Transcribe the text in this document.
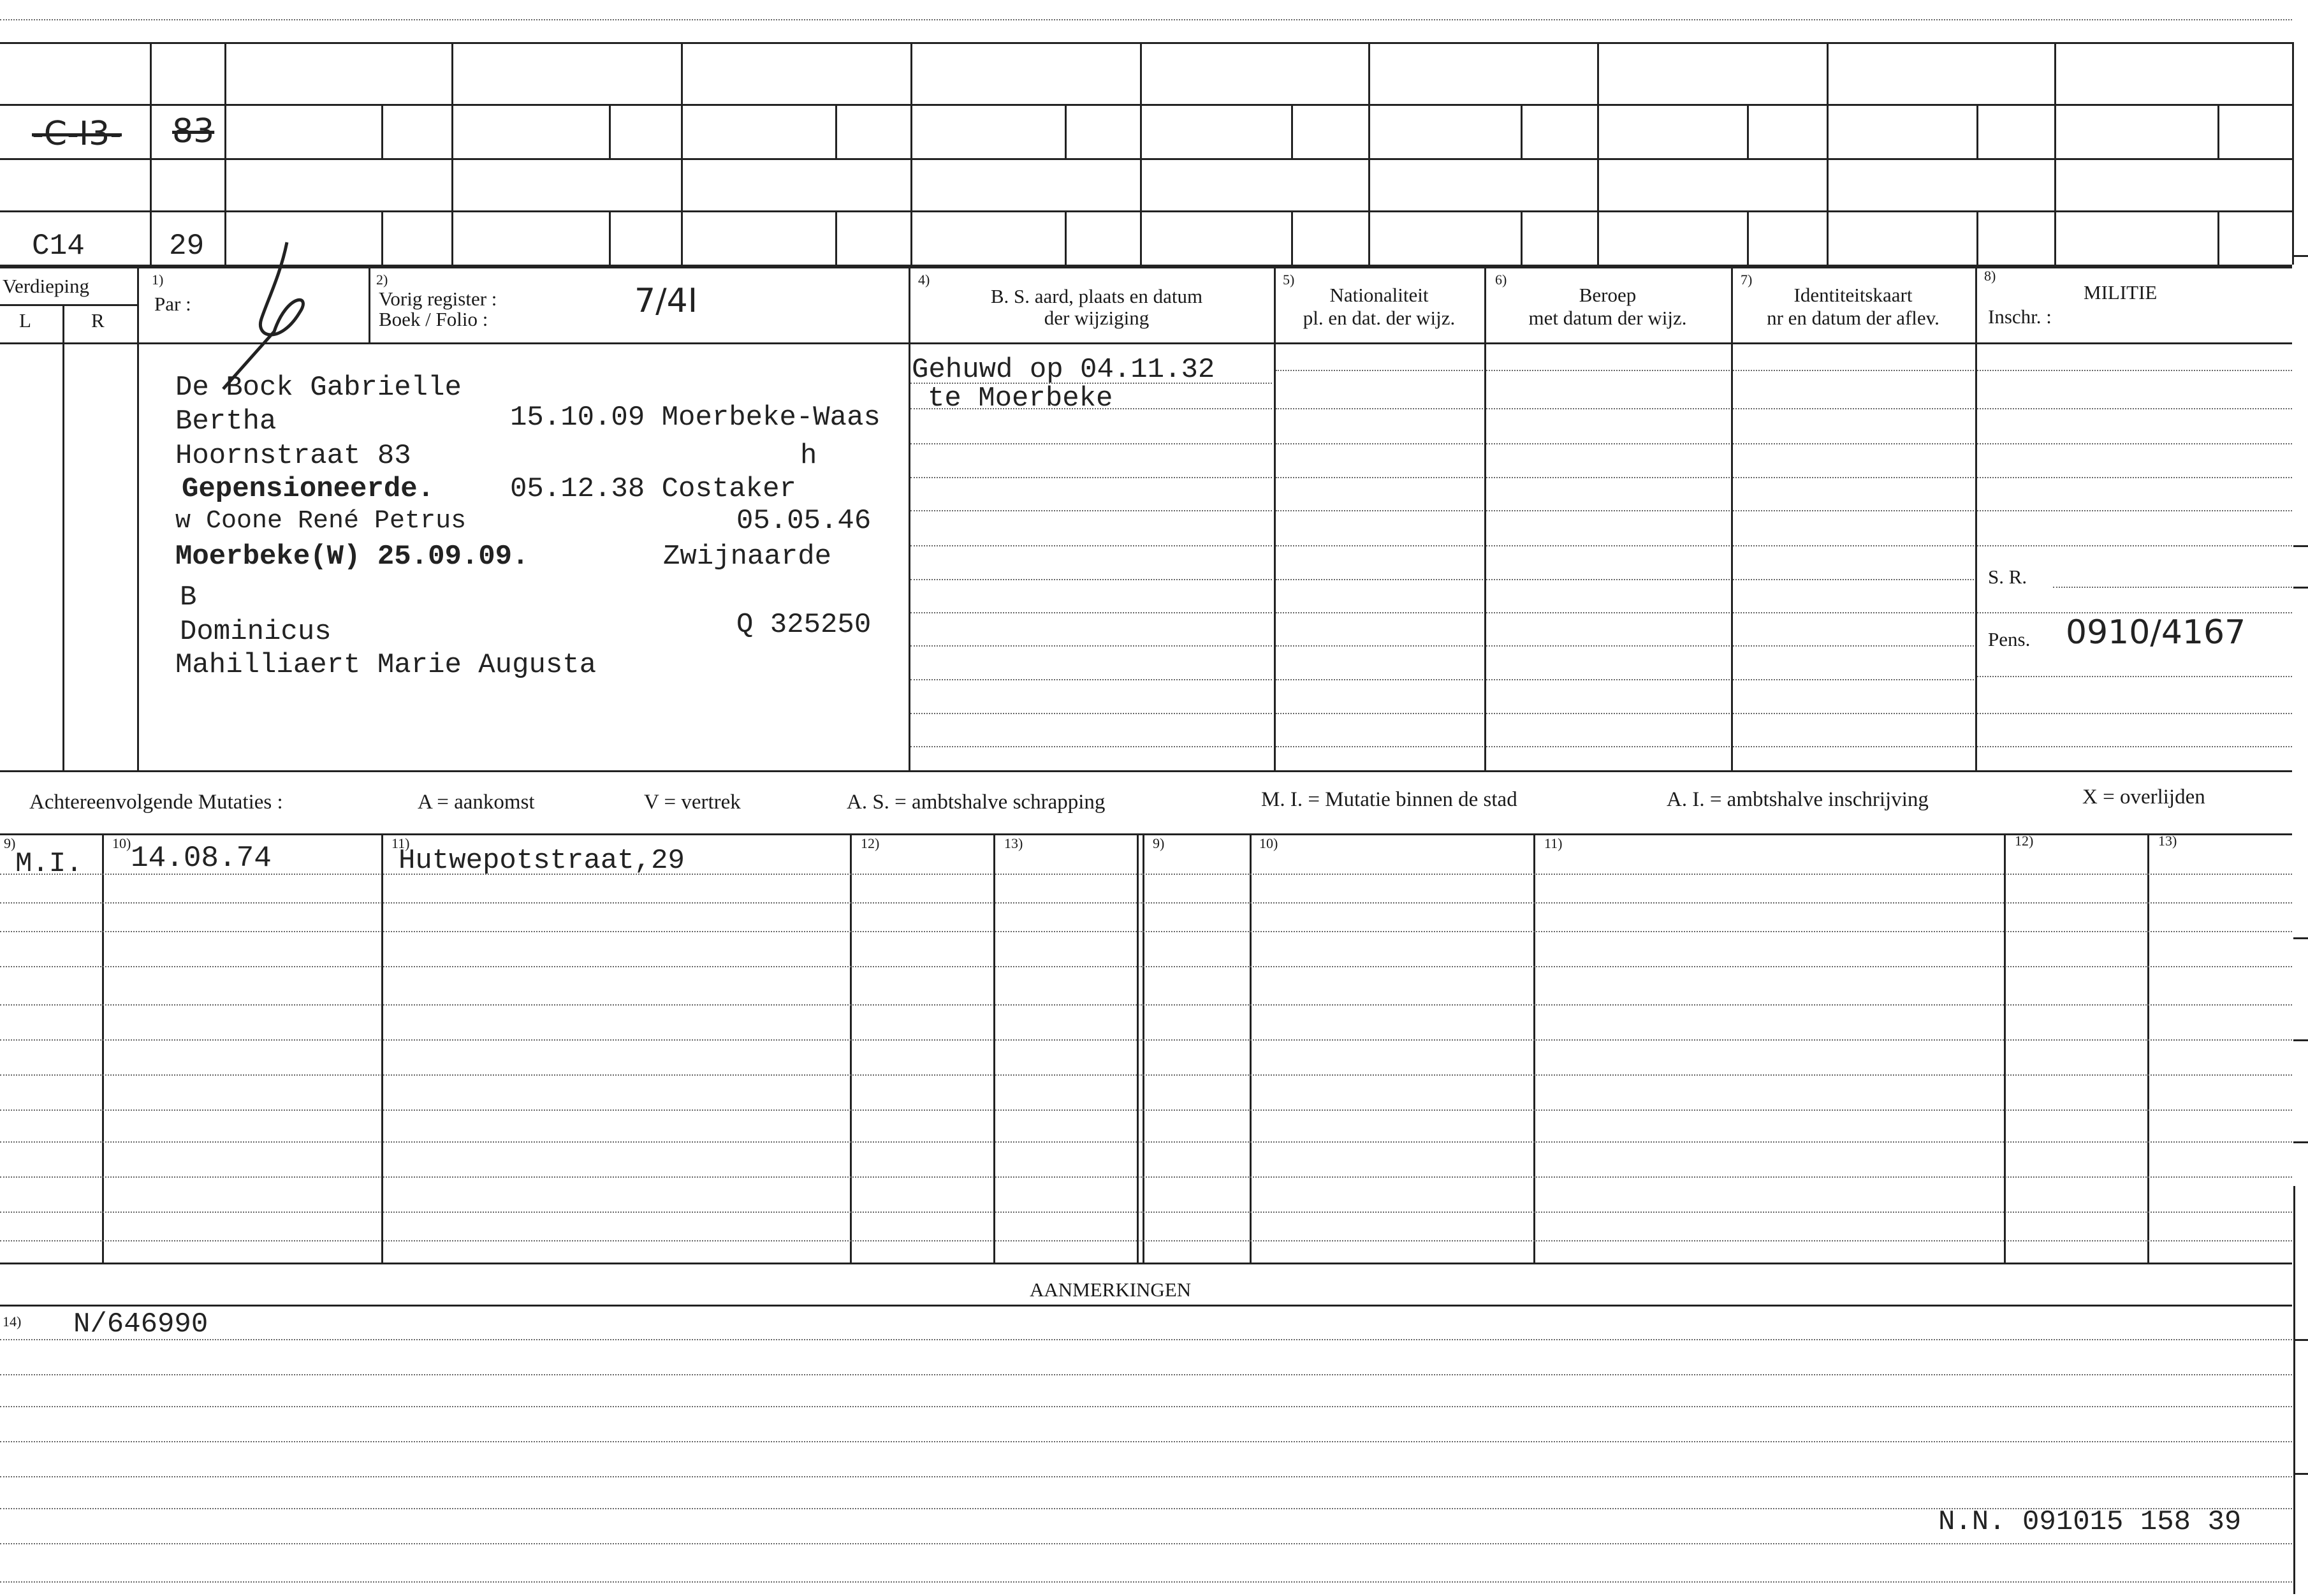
-C-I3- 83
C14	29
Verdieping
L	R
1)
Par :
2)
Vorig register :
Boek / Folio :	7/4I
4)
B. S. aard, plaats en datum
der wijziging
5)
Nationaliteit
pl. en dat. der wijz.
6)
Beroep
met datum der wijz.
7)
Identiteitskaart
nr en datum der aflev.
8)
MILITIE
Inschr. :
De Bock Gabrielle
Bertha	15.10.09 Moerbeke-Waas
Hoornstraat 83	h
Gepensioneerde.	05.12.38 Costaker
w Coone René Petrus	05.05.46
Moerbeke(W) 25.09.09.	Zwijnaarde
B
Dominicus	Q 325250
Mahilliaert Marie Augusta
Gehuwd op 04.11.32
te Moerbeke
S. R.
Pens. 0910/4167
Achtereenvolgende Mutaties :	A = aankomst	V = vertrek	A. S. = ambtshalve schrapping	M. I. = Mutatie binnen de stad	A. I. = ambtshalve inschrijving	X = overlijden
9)	10)	11)	12)	13)	9)	10)	11)	12)	13)
M.I. 14.08.74	Hutwepotstraat,29
AANMERKINGEN
14) N/646990
N.N. 091015 158 39
